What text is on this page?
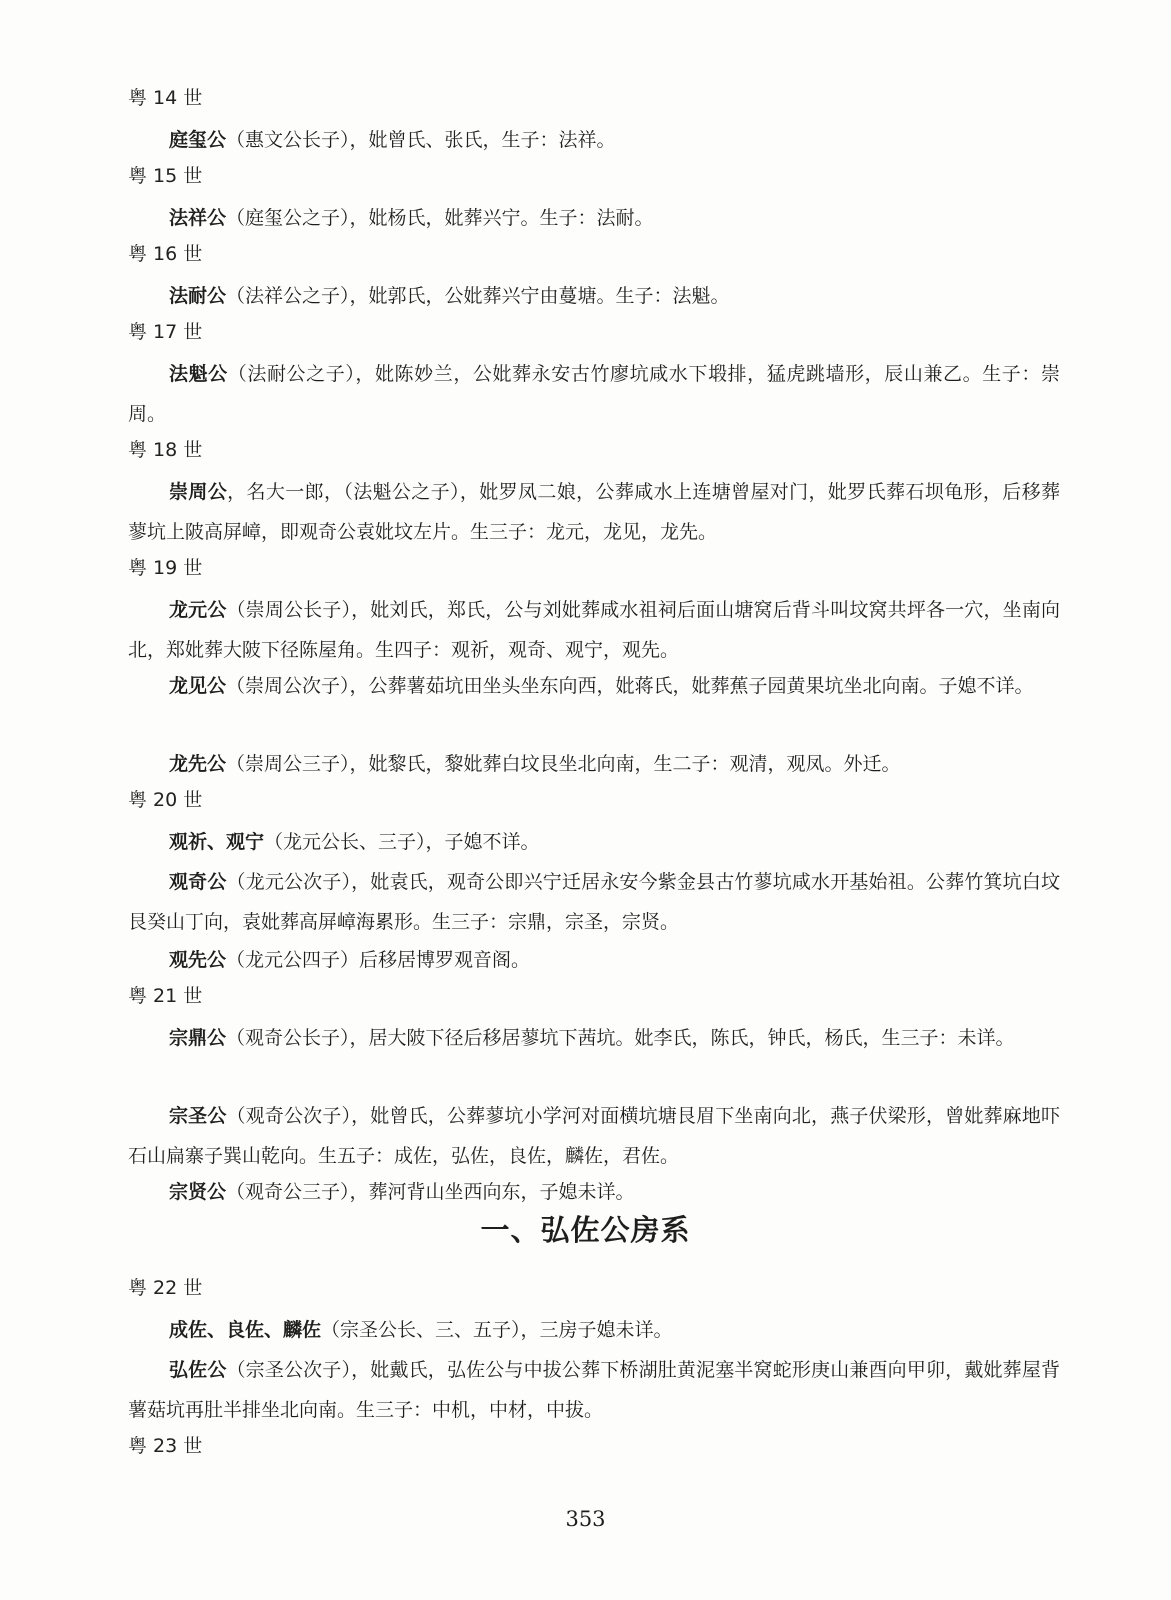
粤 14 世

庭玺公（惠文公长子），妣曾氏、张氏，生子：法祥。

粤 15 世

法祥公（庭玺公之子），妣杨氏，妣葬兴宁。生子：法耐。

粤 16 世

法耐公（法祥公之子），妣郭氏，公妣葬兴宁由蔓塘。生子：法魁。

粤 17 世

法魁公（法耐公之子），妣陈妙兰，公妣葬永安古竹廖坑咸水下塅排，猛虎跳墙形，辰山兼乙。生子：崇周。

粤 18 世

崇周公，名大一郎，（法魁公之子），妣罗凤二娘，公葬咸水上连塘曾屋对门，妣罗氏葬石坝龟形，后移葬蓼坑上陂高屏嶂，即观奇公袁妣坟左片。生三子：龙元，龙见，龙先。

粤 19 世

龙元公（崇周公长子），妣刘氏，郑氏，公与刘妣葬咸水祖祠后面山塘窝后背斗叫坟窝共坪各一穴，坐南向北，郑妣葬大陂下径陈屋角。生四子：观祈，观奇、观宁，观先。

龙见公（崇周公次子），公葬薯茹坑田坐头坐东向西，妣蒋氏，妣葬蕉子园黄果坑坐北向南。子媳不详。

龙先公（崇周公三子），妣黎氏，黎妣葬白坟艮坐北向南，生二子：观清，观凤。外迁。

粤 20 世

观祈、观宁（龙元公长、三子），子媳不详。

观奇公（龙元公次子），妣袁氏，观奇公即兴宁迁居永安今紫金县古竹蓼坑咸水开基始祖。公葬竹箕坑白坟艮癸山丁向，袁妣葬高屏嶂海累形。生三子：宗鼎，宗圣，宗贤。

观先公（龙元公四子）后移居博罗观音阁。

粤 21 世

宗鼎公（观奇公长子），居大陂下径后移居蓼坑下茜坑。妣李氏，陈氏，钟氏，杨氏，生三子：未详。

宗圣公（观奇公次子），妣曾氏，公葬蓼坑小学河对面横坑塘艮眉下坐南向北，燕子伏梁形，曾妣葬麻地吓石山扁寨子巽山乾向。生五子：成佐，弘佐，良佐，麟佐，君佐。

宗贤公（观奇公三子），葬河背山坐西向东，子媳未详。

一、弘佐公房系
粤 22 世

成佐、良佐、麟佐（宗圣公长、三、五子），三房子媳未详。

弘佐公（宗圣公次子），妣戴氏，弘佐公与中拔公葬下桥湖肚黄泥塞半窝蛇形庚山兼酉向甲卯，戴妣葬屋背薯菇坑再肚半排坐北向南。生三子：中机，中材，中拔。

粤 23 世
353
